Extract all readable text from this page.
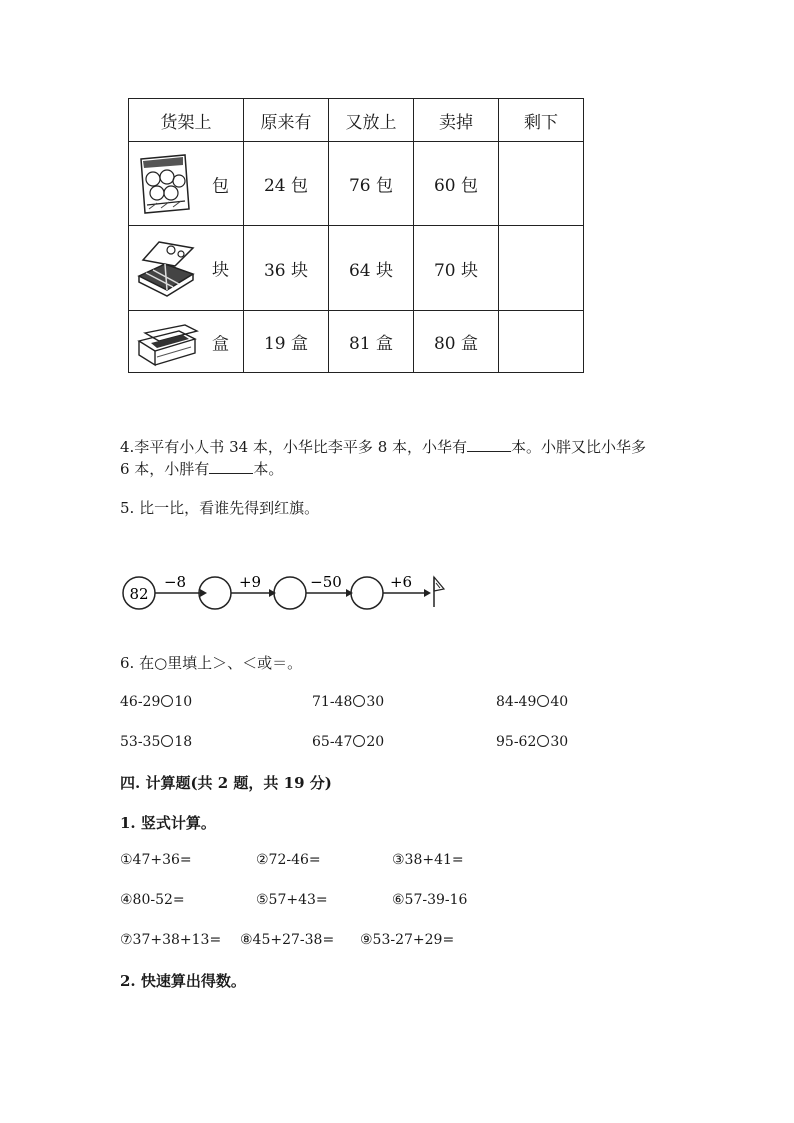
货架上	原来有	又放上	卖掉	剩下

包	24 包	76 包	60 包	

块	36 块	64 块	70 块	

盒	19 盒	81 盒	80 盒	
4.李平有小人书 34 本，小华比李平多 8 本，小华有	本。小胖又比小华多
6 本，小胖有	本。
5. 比一比，看谁先得到红旗。
82
−8	+9	−50	+6
6. 在○里填上＞、＜或＝。
46-29 10	71-48 30	84-49 40
53-35 18	65-47 20	95-62 30
四. 计算题(共 2 题，共 19 分)
1. 竖式计算。
①47+36=	②72-46=	③38+41=
④80-52=	⑤57+43=	⑥57-39-16
⑦37+38+13= ⑧45+27-38= ⑨53-27+29=
2. 快速算出得数。
